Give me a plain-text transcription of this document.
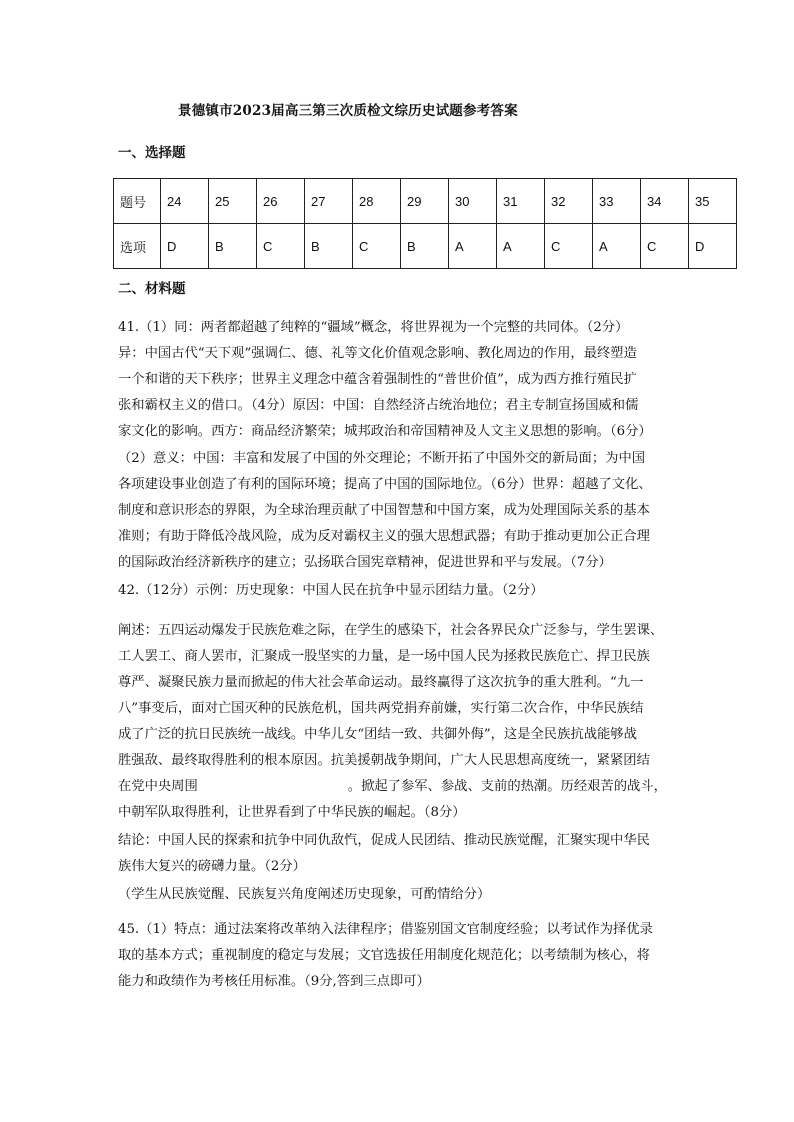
景德镇市2023届高三第三次质检文综历史试题参考答案
一、选择题
题号	24	25	26	27	28	29	30	31	32	33	34	35
选项	D	B	C	B	C	B	A	A	C	A	C	D
二、材料题

41.（1）同：两者都超越了纯粹的“疆域”概念，将世界视为一个完整的共同体。（2分）

异：中国古代“天下观”强调仁、德、礼等文化价值观念影响、教化周边的作用，最终塑造

一个和谐的天下秩序；世界主义理念中蕴含着强制性的“普世价值”，成为西方推行殖民扩

张和霸权主义的借口。（4分）原因：中国：自然经济占统治地位；君主专制宣扬国威和儒

家文化的影响。西方：商品经济繁荣；城邦政治和帝国精神及人文主义思想的影响。（6分）

（2）意义：中国：丰富和发展了中国的外交理论；不断开拓了中国外交的新局面；为中国

各项建设事业创造了有利的国际环境；提高了中国的国际地位。（6分）世界：超越了文化、

制度和意识形态的界限，为全球治理贡献了中国智慧和中国方案，成为处理国际关系的基本

准则；有助于降低冷战风险，成为反对霸权主义的强大思想武器；有助于推动更加公正合理

的国际政治经济新秩序的建立；弘扬联合国宪章精神，促进世界和平与发展。（7分）

42.（12分）示例：历史现象：中国人民在抗争中显示团结力量。（2分）

阐述：五四运动爆发于民族危难之际，在学生的感染下，社会各界民众广泛参与，学生罢课、

工人罢工、商人罢市，汇聚成一股坚实的力量，是一场中国人民为拯救民族危亡、捍卫民族

尊严、凝聚民族力量而掀起的伟大社会革命运动。最终赢得了这次抗争的重大胜利。“九一

八”事变后，面对亡国灭种的民族危机，国共两党捐弃前嫌，实行第二次合作，中华民族结

成了广泛的抗日民族统一战线。中华儿女“团结一致、共御外侮”，这是全民族抗战能够战

胜强敌、最终取得胜利的根本原因。抗美援朝战争期间，广大人民思想高度统一，紧紧团结

在党中央周围	。掀起了参军、参战、支前的热潮。历经艰苦的战斗，

中朝军队取得胜利，让世界看到了中华民族的崛起。（8分）

结论：中国人民的探索和抗争中同仇敌忾，促成人民团结、推动民族觉醒，汇聚实现中华民

族伟大复兴的磅礴力量。（2分）

（学生从民族觉醒、民族复兴角度阐述历史现象，可酌情给分）

45.（1）特点：通过法案将改革纳入法律程序；借鉴别国文官制度经验；以考试作为择优录

取的基本方式；重视制度的稳定与发展；文官选拔任用制度化规范化；以考绩制为核心，将

能力和政绩作为考核任用标准。（9分,答到三点即可）
